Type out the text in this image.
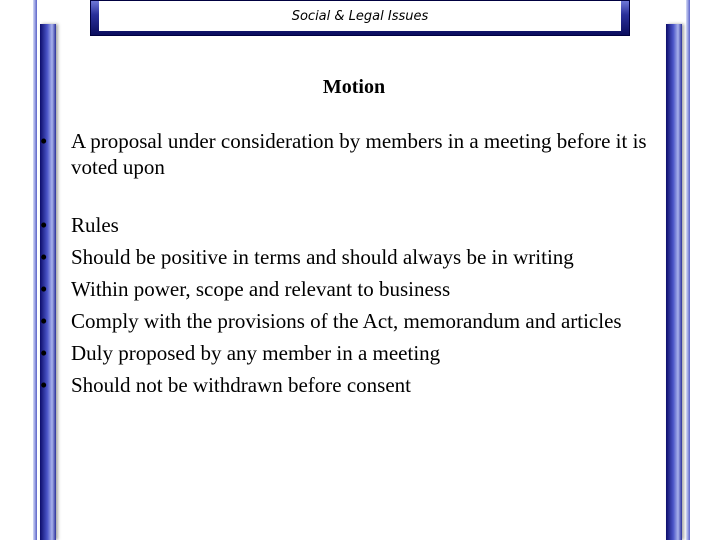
Social & Legal Issues
Motion
• A proposal under consideration by members in a meeting before it is voted upon
• Rules
• Should be positive in terms and should always be in writing
• Within power, scope and relevant to business
• Comply with the provisions of the Act, memorandum and articles
• Duly proposed by any member in a meeting
• Should not be withdrawn before consent
